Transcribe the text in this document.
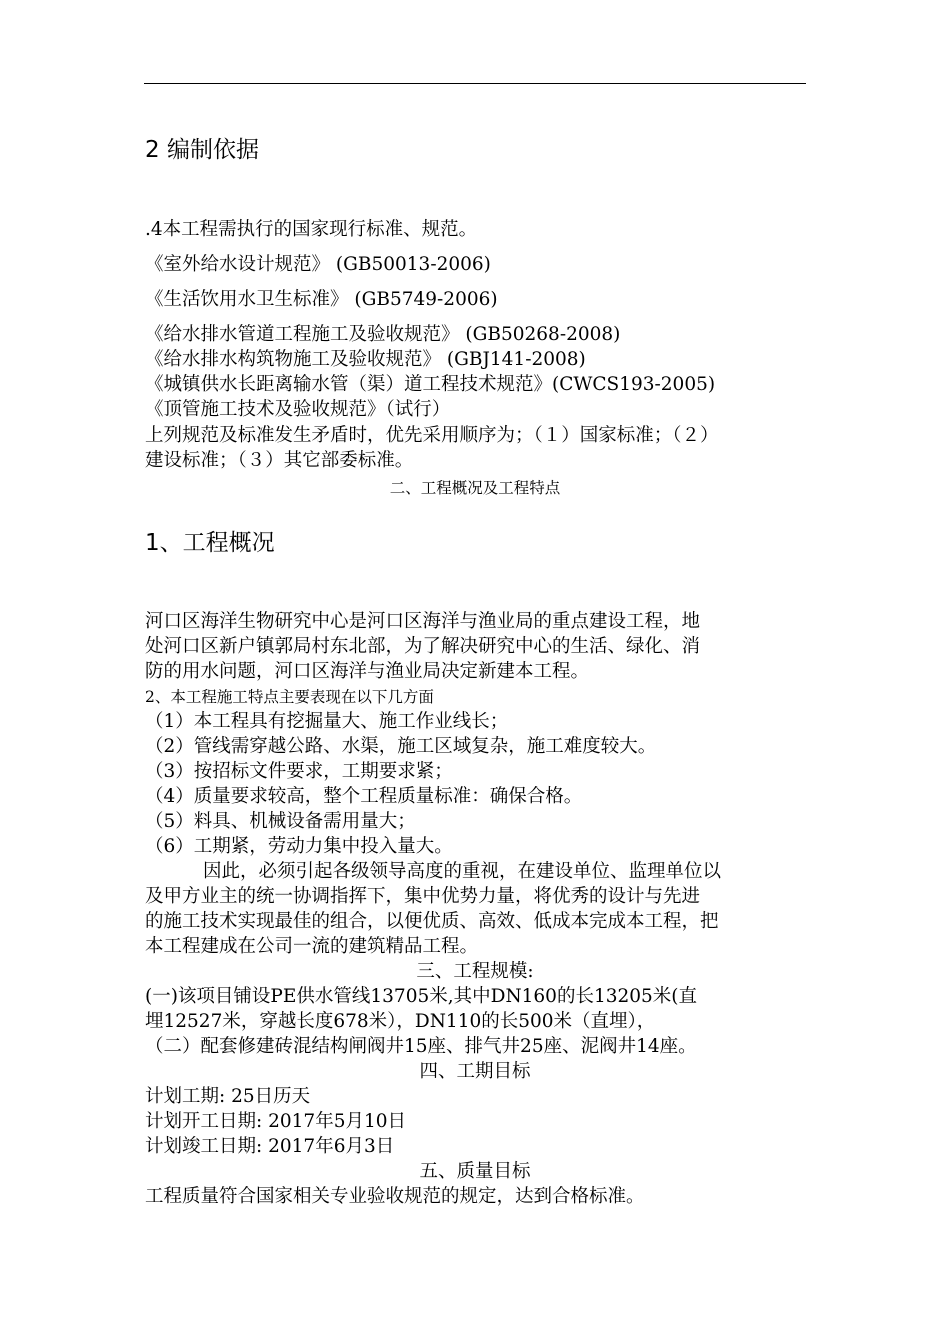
2 编制依据
.4本工程需执行的国家现行标准、规范。
《室外给水设计规范》 (GB50013-2006)
《生活饮用水卫生标准》 (GB5749-2006)
《给水排水管道工程施工及验收规范》 (GB50268-2008)
《给水排水构筑物施工及验收规范》 (GBJ141-2008)
《城镇供水长距离输水管（渠）道工程技术规范》(CWCS193-2005)
《顶管施工技术及验收规范》（试行）
上列规范及标准发生矛盾时，优先采用顺序为；（１）国家标准；（２）
建设标准；（３）其它部委标准。
二、工程概况及工程特点
1、工程概况
河口区海洋生物研究中心是河口区海洋与渔业局的重点建设工程，地
处河口区新户镇郭局村东北部，为了解决研究中心的生活、绿化、消
防的用水问题，河口区海洋与渔业局决定新建本工程。
2、本工程施工特点主要表现在以下几方面
（1）本工程具有挖掘量大、施工作业线长；
（2）管线需穿越公路、水渠，施工区域复杂，施工难度较大。
（3）按招标文件要求，工期要求紧；
（4）质量要求较高，整个工程质量标准：确保合格。
（5）料具、机械设备需用量大；
（6）工期紧，劳动力集中投入量大。
因此，必须引起各级领导高度的重视，在建设单位、监理单位以
及甲方业主的统一协调指挥下，集中优势力量，将优秀的设计与先进
的施工技术实现最佳的组合，以便优质、高效、低成本完成本工程，把
本工程建成在公司一流的建筑精品工程。
三、工程规模:
(一)该项目铺设PE供水管线13705米,其中DN160的长13205米(直
埋12527米，穿越长度678米），DN110的长500米（直埋），
（二）配套修建砖混结构闸阀井15座、排气井25座、泥阀井14座。
四、工期目标
计划工期: 25日历天
计划开工日期: 2017年5月10日
计划竣工日期: 2017年6月3日
五、质量目标
工程质量符合国家相关专业验收规范的规定，达到合格标准。
